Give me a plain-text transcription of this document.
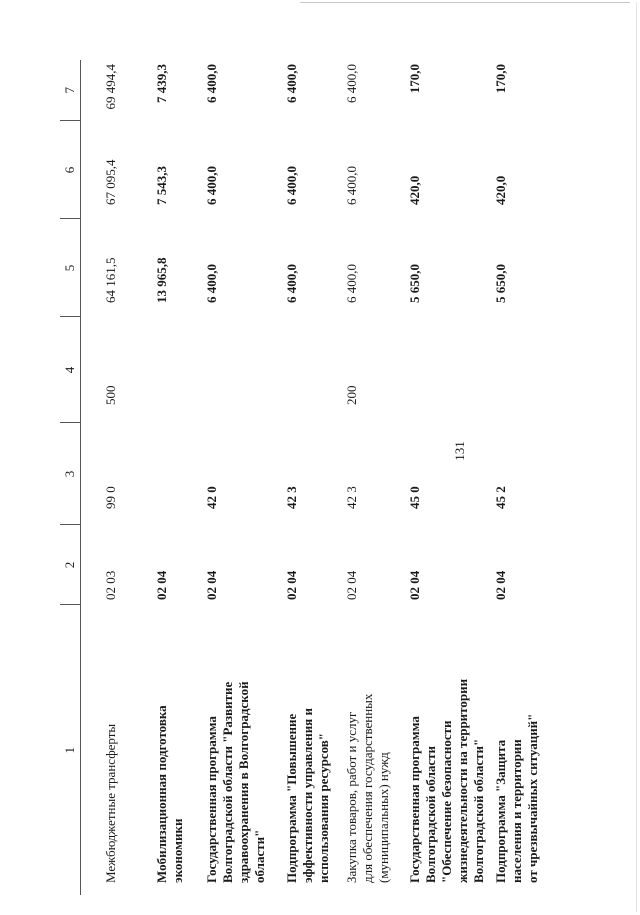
131
1	2	3	4	5	6	7

Межбюджетные трансферты	02 03	99 0	500	64 161,5	67 095,4	69 494,4

Мобилизационная подготовка экономики	02 04			13 965,8	7 543,3	7 439,3

Государственная программа Волгоградской области "Развитие здравоохранения в Волгоградской области"	02 04	42 0		6 400,0	6 400,0	6 400,0

Подпрограмма "Повышение эффективности управления и использования ресурсов"	02 04	42 3		6 400,0	6 400,0	6 400,0

Закупка товаров, работ и услуг для обеспечения государственных (муниципальных) нужд	02 04	42 3	200	6 400,0	6 400,0	6 400,0

Государственная программа Волгоградской области "Обеспечение безопасности жизнедеятельности на территории Волгоградской области"	02 04	45 0		5 650,0	420,0	170,0

Подпрограмма "Защита населения и территории от чрезвычайных ситуаций"	02 04	45 2		5 650,0	420,0	170,0
